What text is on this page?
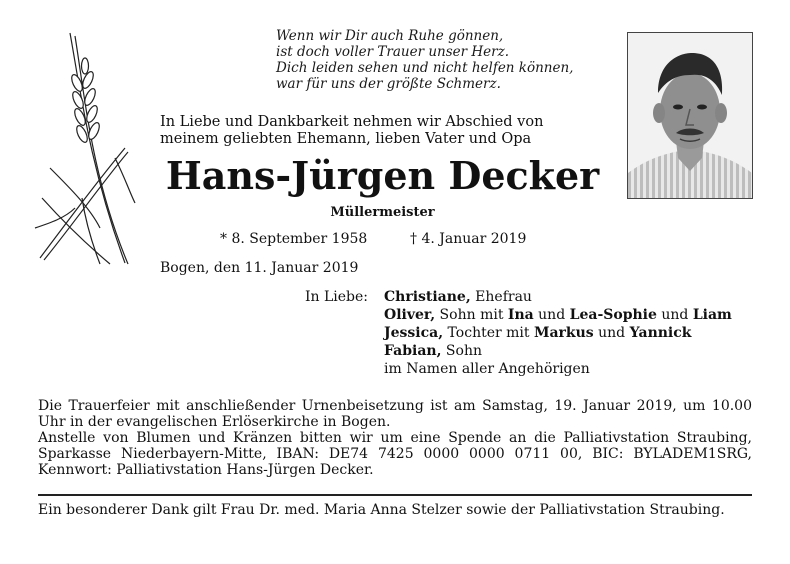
Wenn wir Dir auch Ruhe gönnen,
ist doch voller Trauer unser Herz.
Dich leiden sehen und nicht helfen können,
war für uns der größte Schmerz.
In Liebe und Dankbarkeit nehmen wir Abschied von
meinem geliebten Ehemann, lieben Vater und Opa
Hans-Jürgen Decker
Müllermeister
* 8. September 1958	† 4. Januar 2019
Bogen, den 11. Januar 2019
In Liebe: Christiane, Ehefrau
Oliver, Sohn mit Ina und Lea-Sophie und Liam
Jessica, Tochter mit Markus und Yannick
Fabian, Sohn
im Namen aller Angehörigen

Die Trauerfeier mit anschließender Urnenbeisetzung ist am Samstag, 19. Januar 2019, um 10.00 Uhr in der evangelischen Erlöserkirche in Bogen.

Anstelle von Blumen und Kränzen bitten wir um eine Spende an die Palliativstation Straubing, Sparkasse Niederbayern-Mitte, IBAN: DE74 7425 0000 0000 0711 00, BIC: BYLADEM1SRG, Kennwort: Palliativstation Hans-Jürgen Decker.

Ein besonderer Dank gilt Frau Dr. med. Maria Anna Stelzer sowie der Palliativstation Straubing.
